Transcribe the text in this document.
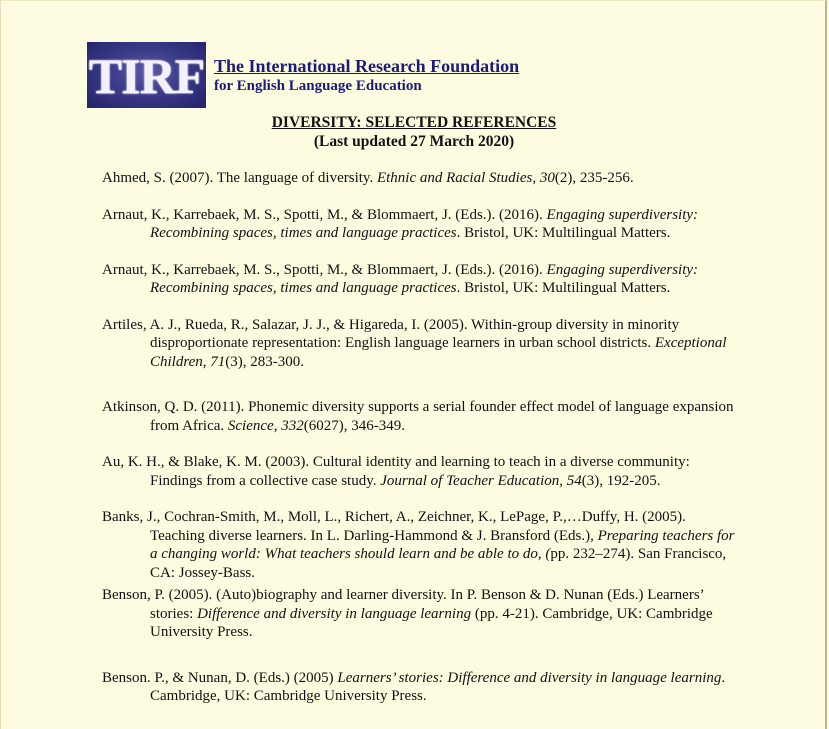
TIRF The International Research Foundation
for English Language Education
DIVERSITY: SELECTED REFERENCES
(Last updated 27 March 2020)

Ahmed, S. (2007). The language of diversity. Ethnic and Racial Studies, 30(2), 235-256.

Arnaut, K., Karrebaek, M. S., Spotti, M., & Blommaert, J. (Eds.). (2016). Engaging superdiversity: Recombining spaces, times and language practices. Bristol, UK: Multilingual Matters.

Arnaut, K., Karrebaek, M. S., Spotti, M., & Blommaert, J. (Eds.). (2016). Engaging superdiversity: Recombining spaces, times and language practices. Bristol, UK: Multilingual Matters.

Artiles, A. J., Rueda, R., Salazar, J. J., & Higareda, I. (2005). Within-group diversity in minority disproportionate representation: English language learners in urban school districts. Exceptional Children, 71(3), 283-300.

Atkinson, Q. D. (2011). Phonemic diversity supports a serial founder effect model of language expansion from Africa. Science, 332(6027), 346-349.

Au, K. H., & Blake, K. M. (2003). Cultural identity and learning to teach in a diverse community: Findings from a collective case study. Journal of Teacher Education, 54(3), 192-205.

Banks, J., Cochran-Smith, M., Moll, L., Richert, A., Zeichner, K., LePage, P.,…Duffy, H. (2005). Teaching diverse learners. In L. Darling-Hammond & J. Bransford (Eds.), Preparing teachers for a changing world: What teachers should learn and be able to do, (pp. 232–274). San Francisco, CA: Jossey-Bass.

Benson, P. (2005). (Auto)biography and learner diversity. In P. Benson & D. Nunan (Eds.) Learners’ stories: Difference and diversity in language learning (pp. 4-21). Cambridge, UK: Cambridge University Press.

Benson. P., & Nunan, D. (Eds.) (2005) Learners’ stories: Difference and diversity in language learning. Cambridge, UK: Cambridge University Press.
